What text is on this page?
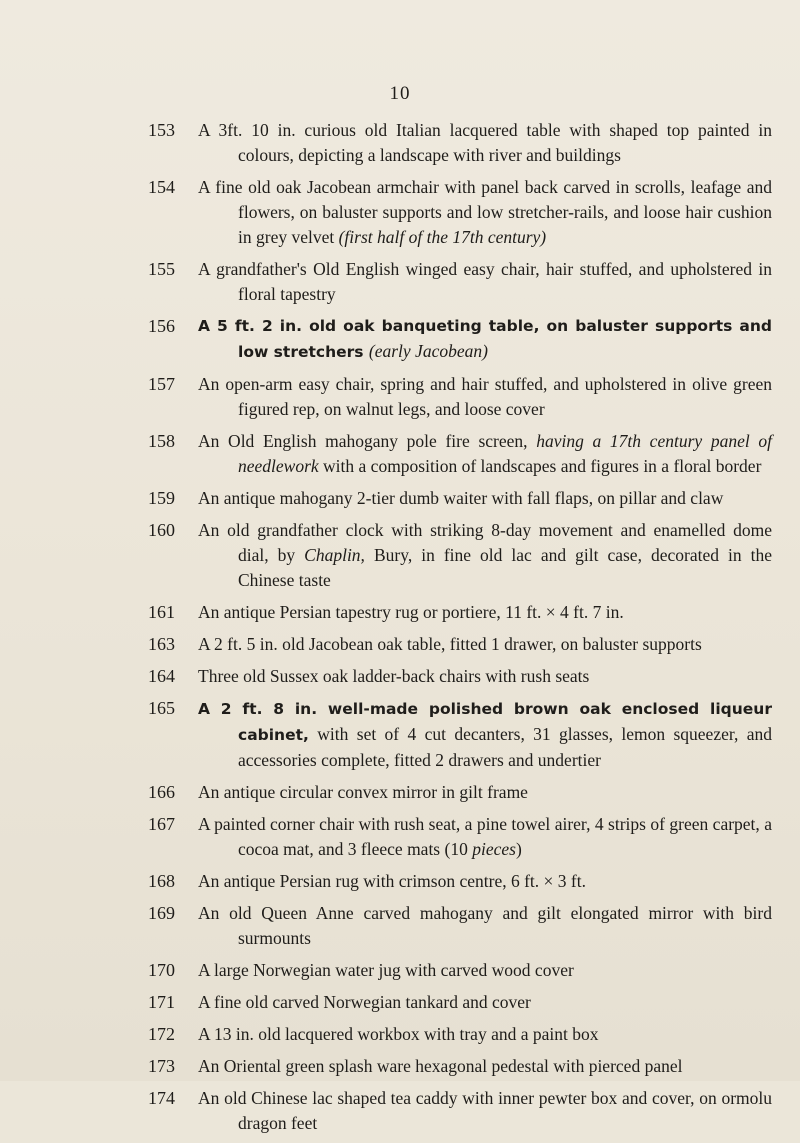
10
153	A 3ft. 10 in. curious old Italian lacquered table with shaped top painted in colours, depicting a landscape with river and buildings
154	A fine old oak Jacobean armchair with panel back carved in scrolls, leafage and flowers, on baluster supports and low stretcher-rails, and loose hair cushion in grey velvet (first half of the 17th century)
155	A grandfather's Old English winged easy chair, hair stuffed, and upholstered in floral tapestry
156	A 5 ft. 2 in. old oak banqueting table, on baluster supports and low stretchers (early Jacobean)
157	An open-arm easy chair, spring and hair stuffed, and upholstered in olive green figured rep, on walnut legs, and loose cover
158	An Old English mahogany pole fire screen, having a 17th century panel of needlework with a composition of landscapes and figures in a floral border
159	An antique mahogany 2-tier dumb waiter with fall flaps, on pillar and claw
160	An old grandfather clock with striking 8-day movement and enamelled dome dial, by Chaplin, Bury, in fine old lac and gilt case, decorated in the Chinese taste
161	An antique Persian tapestry rug or portiere, 11 ft. × 4 ft. 7 in.
163	A 2 ft. 5 in. old Jacobean oak table, fitted 1 drawer, on baluster supports
164	Three old Sussex oak ladder-back chairs with rush seats
165	A 2 ft. 8 in. well-made polished brown oak enclosed liqueur cabinet, with set of 4 cut decanters, 31 glasses, lemon squeezer, and accessories complete, fitted 2 drawers and undertier
166	An antique circular convex mirror in gilt frame
167	A painted corner chair with rush seat, a pine towel airer, 4 strips of green carpet, a cocoa mat, and 3 fleece mats (10 pieces)
168	An antique Persian rug with crimson centre, 6 ft. × 3 ft.
169	An old Queen Anne carved mahogany and gilt elongated mirror with bird surmounts
170	A large Norwegian water jug with carved wood cover
171	A fine old carved Norwegian tankard and cover
172	A 13 in. old lacquered workbox with tray and a paint box
173	An Oriental green splash ware hexagonal pedestal with pierced panel
174	An old Chinese lac shaped tea caddy with inner pewter box and cover, on ormolu dragon feet
